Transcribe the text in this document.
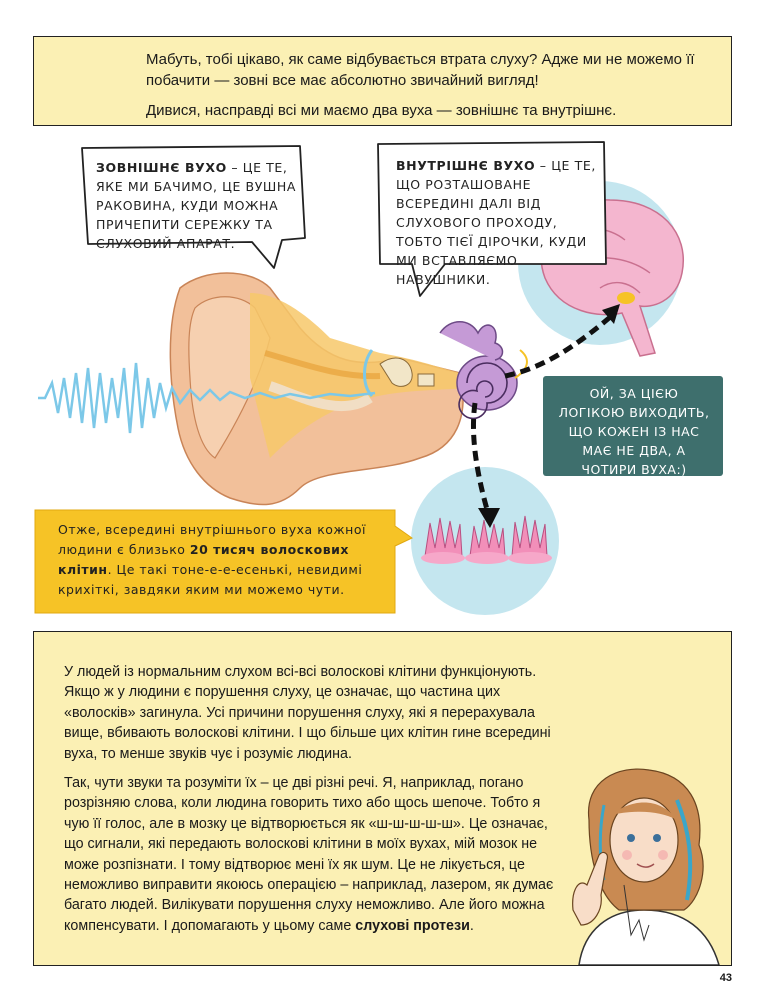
Мабуть, тобі цікаво, як саме відбувається втрата слуху? Адже ми не можемо її побачити — зовні все має абсолютно звичайний вигляд!

Дивися, насправді всі ми маємо два вуха — зовнішнє та внутрішнє.

ЗОВНІШНЄ ВУХО – ЦЕ ТЕ, ЯКЕ МИ БАЧИМО, ЦЕ ВУШНА РАКОВИНА, КУДИ МОЖНА ПРИЧЕПИТИ СЕРЕЖКУ ТА СЛУХОВИЙ АПАРАТ.
ВНУТРІШНЄ ВУХО – ЦЕ ТЕ, ЩО РОЗТАШОВАНЕ ВСЕРЕДИНІ ДАЛІ ВІД СЛУХОВОГО ПРОХОДУ, ТОБТО ТІЄЇ ДІРОЧКИ, КУДИ МИ ВСТАВЛЯЄМО НАВУШНИКИ.
ОЙ, ЗА ЦІЄЮ ЛОГІКОЮ ВИХОДИТЬ, ЩО КОЖЕН ІЗ НАС МАЄ НЕ ДВА, А ЧОТИРИ ВУХА:)
Отже, всередині внутрішнього вуха кожної людини є близько 20 тисяч волоскових клітин. Це такі тоне-е-е-есенькі, невидимі крихіткі, завдяки яким ми можемо чути.

У людей із нормальним слухом всі-всі волоскові клітини функціонують. Якщо ж у людини є порушення слуху, це означає, що частина цих «волосків» загинула. Усі причини порушення слуху, які я перерахувала вище, вбивають волоскові клітини. І що більше цих клітин гине всередині вуха, то менше звуків чує і розуміє людина.

Так, чути звуки та розуміти їх – це дві різні речі. Я, наприклад, погано розрізняю слова, коли людина говорить тихо або щось шепоче. Тобто я чую її голос, але в мозку це відтворюється як «ш-ш-ш-ш-ш». Це означає, що сигнали, які передають волоскові клітини в моїх вухах, мій мозок не може розпізнати. І тому відтворює мені їх як шум. Це не лікується, це неможливо виправити якоюсь операцією – наприклад, лазером, як думає багато людей. Вилікувати порушення слуху неможливо. Але його можна компенсувати. І допомагають у цьому саме слухові протези.

43
